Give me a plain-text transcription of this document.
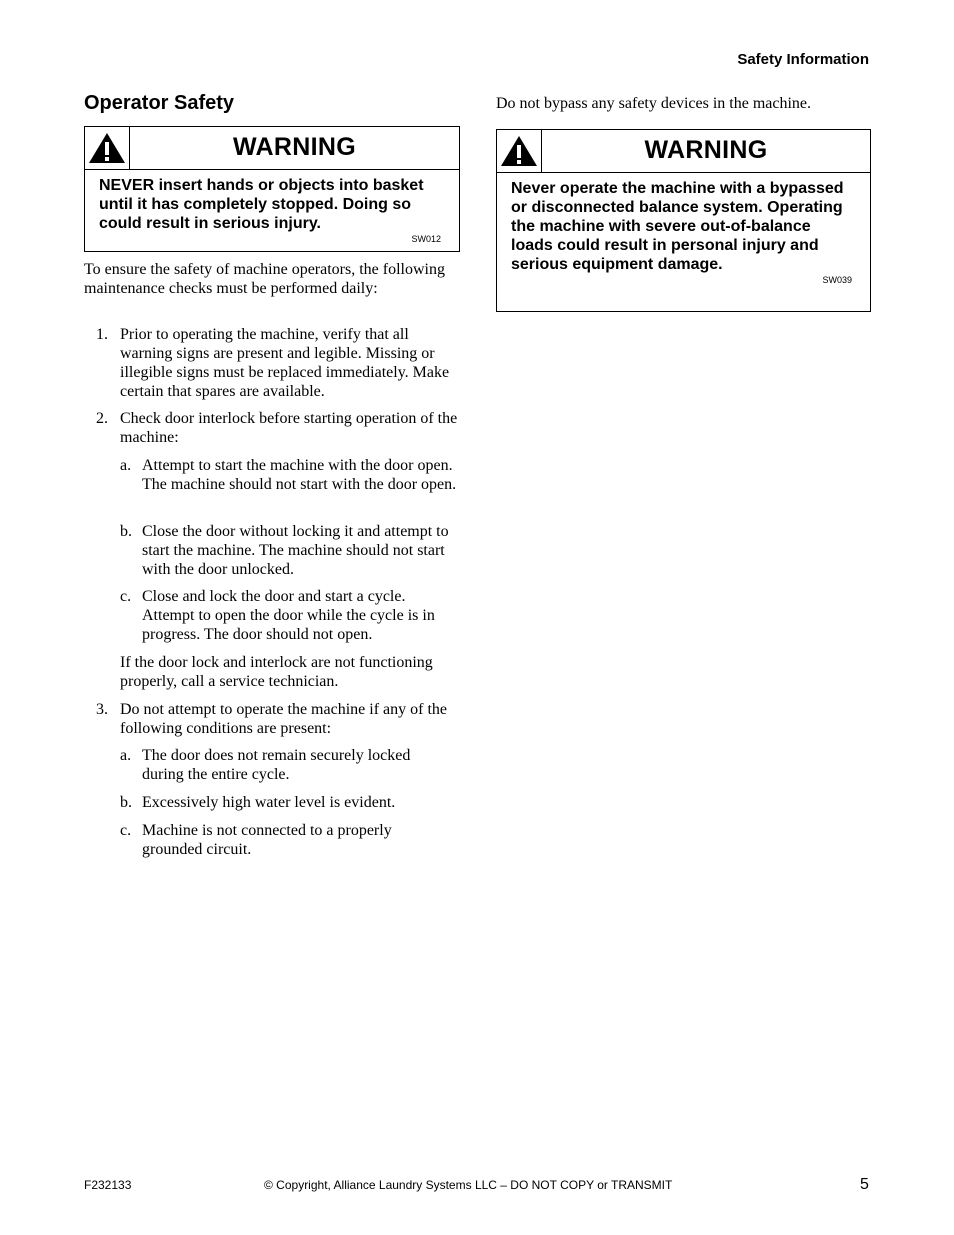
Safety Information
Operator Safety
WARNING
NEVER insert hands or objects into basket until it has completely stopped. Doing so could result in serious injury.
SW012

To ensure the safety of machine operators, the following maintenance checks must be performed daily:

1. Prior to operating the machine, verify that all warning signs are present and legible. Missing or illegible signs must be replaced immediately. Make certain that spares are available.
2. Check door interlock before starting operation of the machine:
a. Attempt to start the machine with the door open. The machine should not start with the door open.
b. Close the door without locking it and attempt to start the machine. The machine should not start with the door unlocked.
c. Close and lock the door and start a cycle. Attempt to open the door while the cycle is in progress. The door should not open.
If the door lock and interlock are not functioning properly, call a service technician.
3. Do not attempt to operate the machine if any of the following conditions are present:
a. The door does not remain securely locked during the entire cycle.
b. Excessively high water level is evident.
c. Machine is not connected to a properly grounded circuit.
Do not bypass any safety devices in the machine.
WARNING
Never operate the machine with a bypassed or disconnected balance system. Operating the machine with severe out-of-balance loads could result in personal injury and serious equipment damage.
SW039
F232133	© Copyright, Alliance Laundry Systems LLC – DO NOT COPY or TRANSMIT	5
